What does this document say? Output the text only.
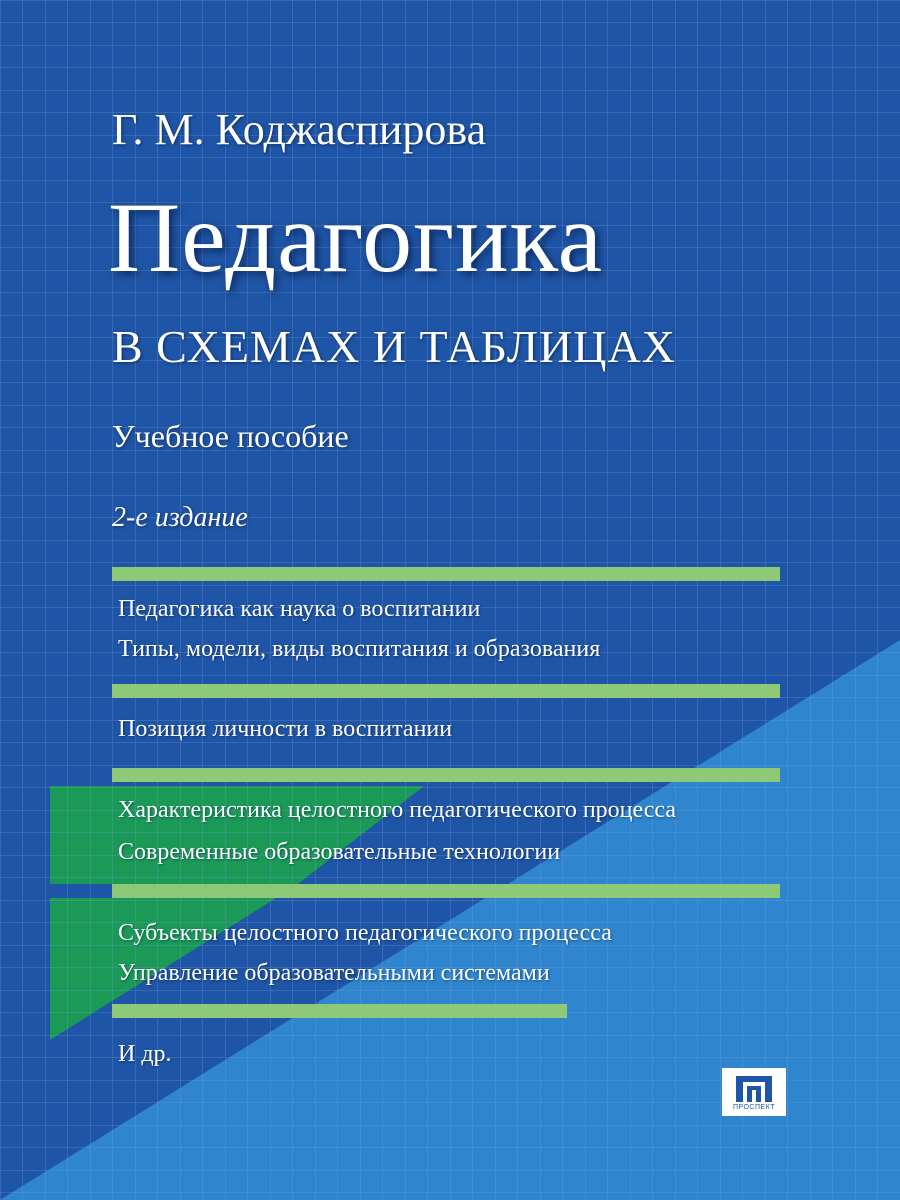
Г. М. Коджаспирова
Педагогика
В СХЕМАХ И ТАБЛИЦАХ
Учебное пособие
2-е издание
Педагогика как наука о воспитании
Типы, модели, виды воспитания и образования
Позиция личности в воспитании
Характеристика целостного педагогического процесса
Современные образовательные технологии
Субъекты целостного педагогического процесса
Управление образовательными системами
И др.
ПРОСПЕКТ
